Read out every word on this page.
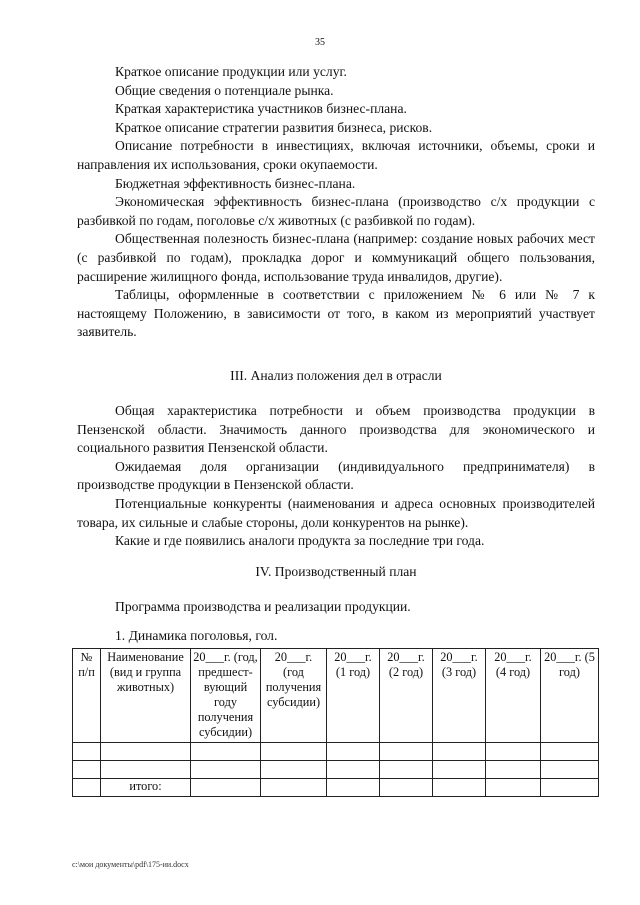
35

Краткое описание продукции или услуг.

Общие сведения о потенциале рынка.

Краткая характеристика участников бизнес-плана.

Краткое описание стратегии развития бизнеса, рисков.

Описание потребности в инвестициях, включая источники, объемы, сроки и направления их использования, сроки окупаемости.

Бюджетная эффективность бизнес-плана.

Экономическая эффективность бизнес-плана (производство с/х продукции с разбивкой по годам, поголовье с/х животных (с разбивкой по годам).

Общественная полезность бизнес-плана (например: создание новых рабочих мест (с разбивкой по годам), прокладка дорог и коммуникаций общего пользования, расширение жилищного фонда, использование труда инвалидов, другие).

Таблицы, оформленные в соответствии с приложением № 6 или № 7 к настоящему Положению, в зависимости от того, в каком из мероприятий участвует заявитель.

III. Анализ положения дел в отрасли

Общая характеристика потребности и объем производства продукции в Пензенской области. Значимость данного производства для экономического и социального развития Пензенской области.

Ожидаемая доля организации (индивидуального предпринимателя) в производстве продукции в Пензенской области.

Потенциальные конкуренты (наименования и адреса основных производителей товара, их сильные и слабые стороны, доли конкурентов на рынке).

Какие и где появились аналоги продукта за последние три года.

IV. Производственный план

Программа производства и реализации продукции.

1. Динамика поголовья, гол.

№ п/п	Наименование (вид и группа животных)	20___г. (год, предшест-вующий году получения субсидии)	20___г. (год получения субсидии)	20___г. (1 год)	20___г. (2 год)	20___г. (3 год)	20___г. (4 год)	20___г. (5 год)

	итого:							
c:\мои документы\pdf\175-ии.docx
